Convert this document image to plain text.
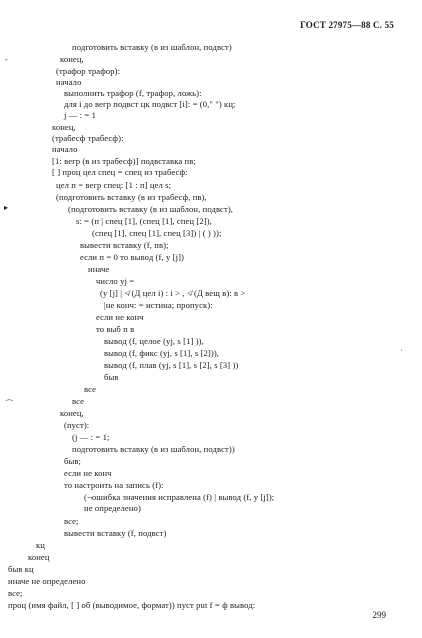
ГОСТ 27975—88 С. 55
подготовить вставку (в из шаблон, подвст)
конец,
(трафор трафор):
начало
выполнить трафор (f, трафор, ложь):
для i до вегр подвст цк подвст [i]: = (0," ") кц;
j — : = 1
конец,
(трабесф трабесф):
начало
[1: вегр (в из трабесф)] подвставка пв;
[ ] проц цел спец = спец из трабесф:
цел п = вегр спец: [1 : п] цел s;
(подготовить вставку (в из трабесф, пв),
(подготовить вставку (в из шаблон, подвст),
s: = (п | спец [1], (спец [1], спец [2]),
(спец [1], спец [1], спец [3]) | ( ) ));
вывести вставку (f, пв);
если п = 0 то вывод (f, у [j])
иначе
число уj =
(у [j] | ≮ (Д цел i) : i > , ≮ (Д вещ в): в >
|не конч: = истина; пропуск):
если не конч
то выб п в
вывод (f, целое (уj, s [1] )),
вывод (f, фикс (уj, s [1], s [2])),
вывод (f, плав (уj, s [1], s [2], s [3] ))
быв
все
все
конец,
(пуст):
(j — : = 1;
подготовить вставку (в из шаблон, подвст))
быв;
если не конч
то настроить на запись (f):
(¬ошибка значения исправлена (f) | вывод (f, у [j]);
не определено)
все;
вывести вставку (f, подвст)
кц
конец
быв кц
иначе не определено
все;
проц (имя файл, [ ] об (выводимое, формат)) пуст put f = ф вывод:
-
▸
⁔
·
299
